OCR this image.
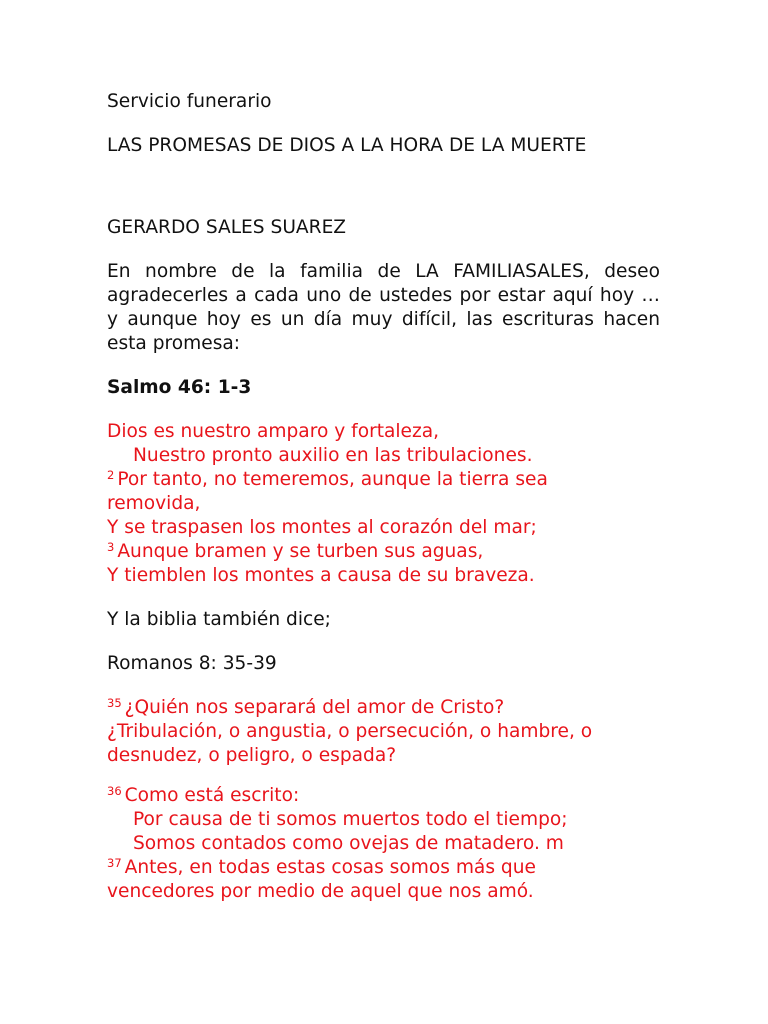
Servicio funerario

LAS PROMESAS DE DIOS A LA HORA DE LA MUERTE

GERARDO SALES SUAREZ

En nombre de la familia de LA FAMILIASALES, deseo agradecerles a cada uno de ustedes por estar aquí hoy … y aunque hoy es un día muy difícil, las escrituras hacen esta promesa:

Salmo 46: 1-3

Dios es nuestro amparo y fortaleza,
Nuestro pronto auxilio en las tribulaciones.
$^2$ Por tanto, no temeremos, aunque la tierra sea
removida,
Y se traspasen los montes al corazón del mar;
$^3$ Aunque bramen y se turben sus aguas,
Y tiemblen los montes a causa de su braveza.

Y la biblia también dice;

Romanos 8: 35-39

$^{35}$ ¿Quién nos separará del amor de Cristo?
¿Tribulación, o angustia, o persecución, o hambre, o
desnudez, o peligro, o espada?
$^{36}$ Como está escrito:
Por causa de ti somos muertos todo el tiempo;
Somos contados como ovejas de matadero. m
$^{37}$ Antes, en todas estas cosas somos más que
vencedores por medio de aquel que nos amó.
